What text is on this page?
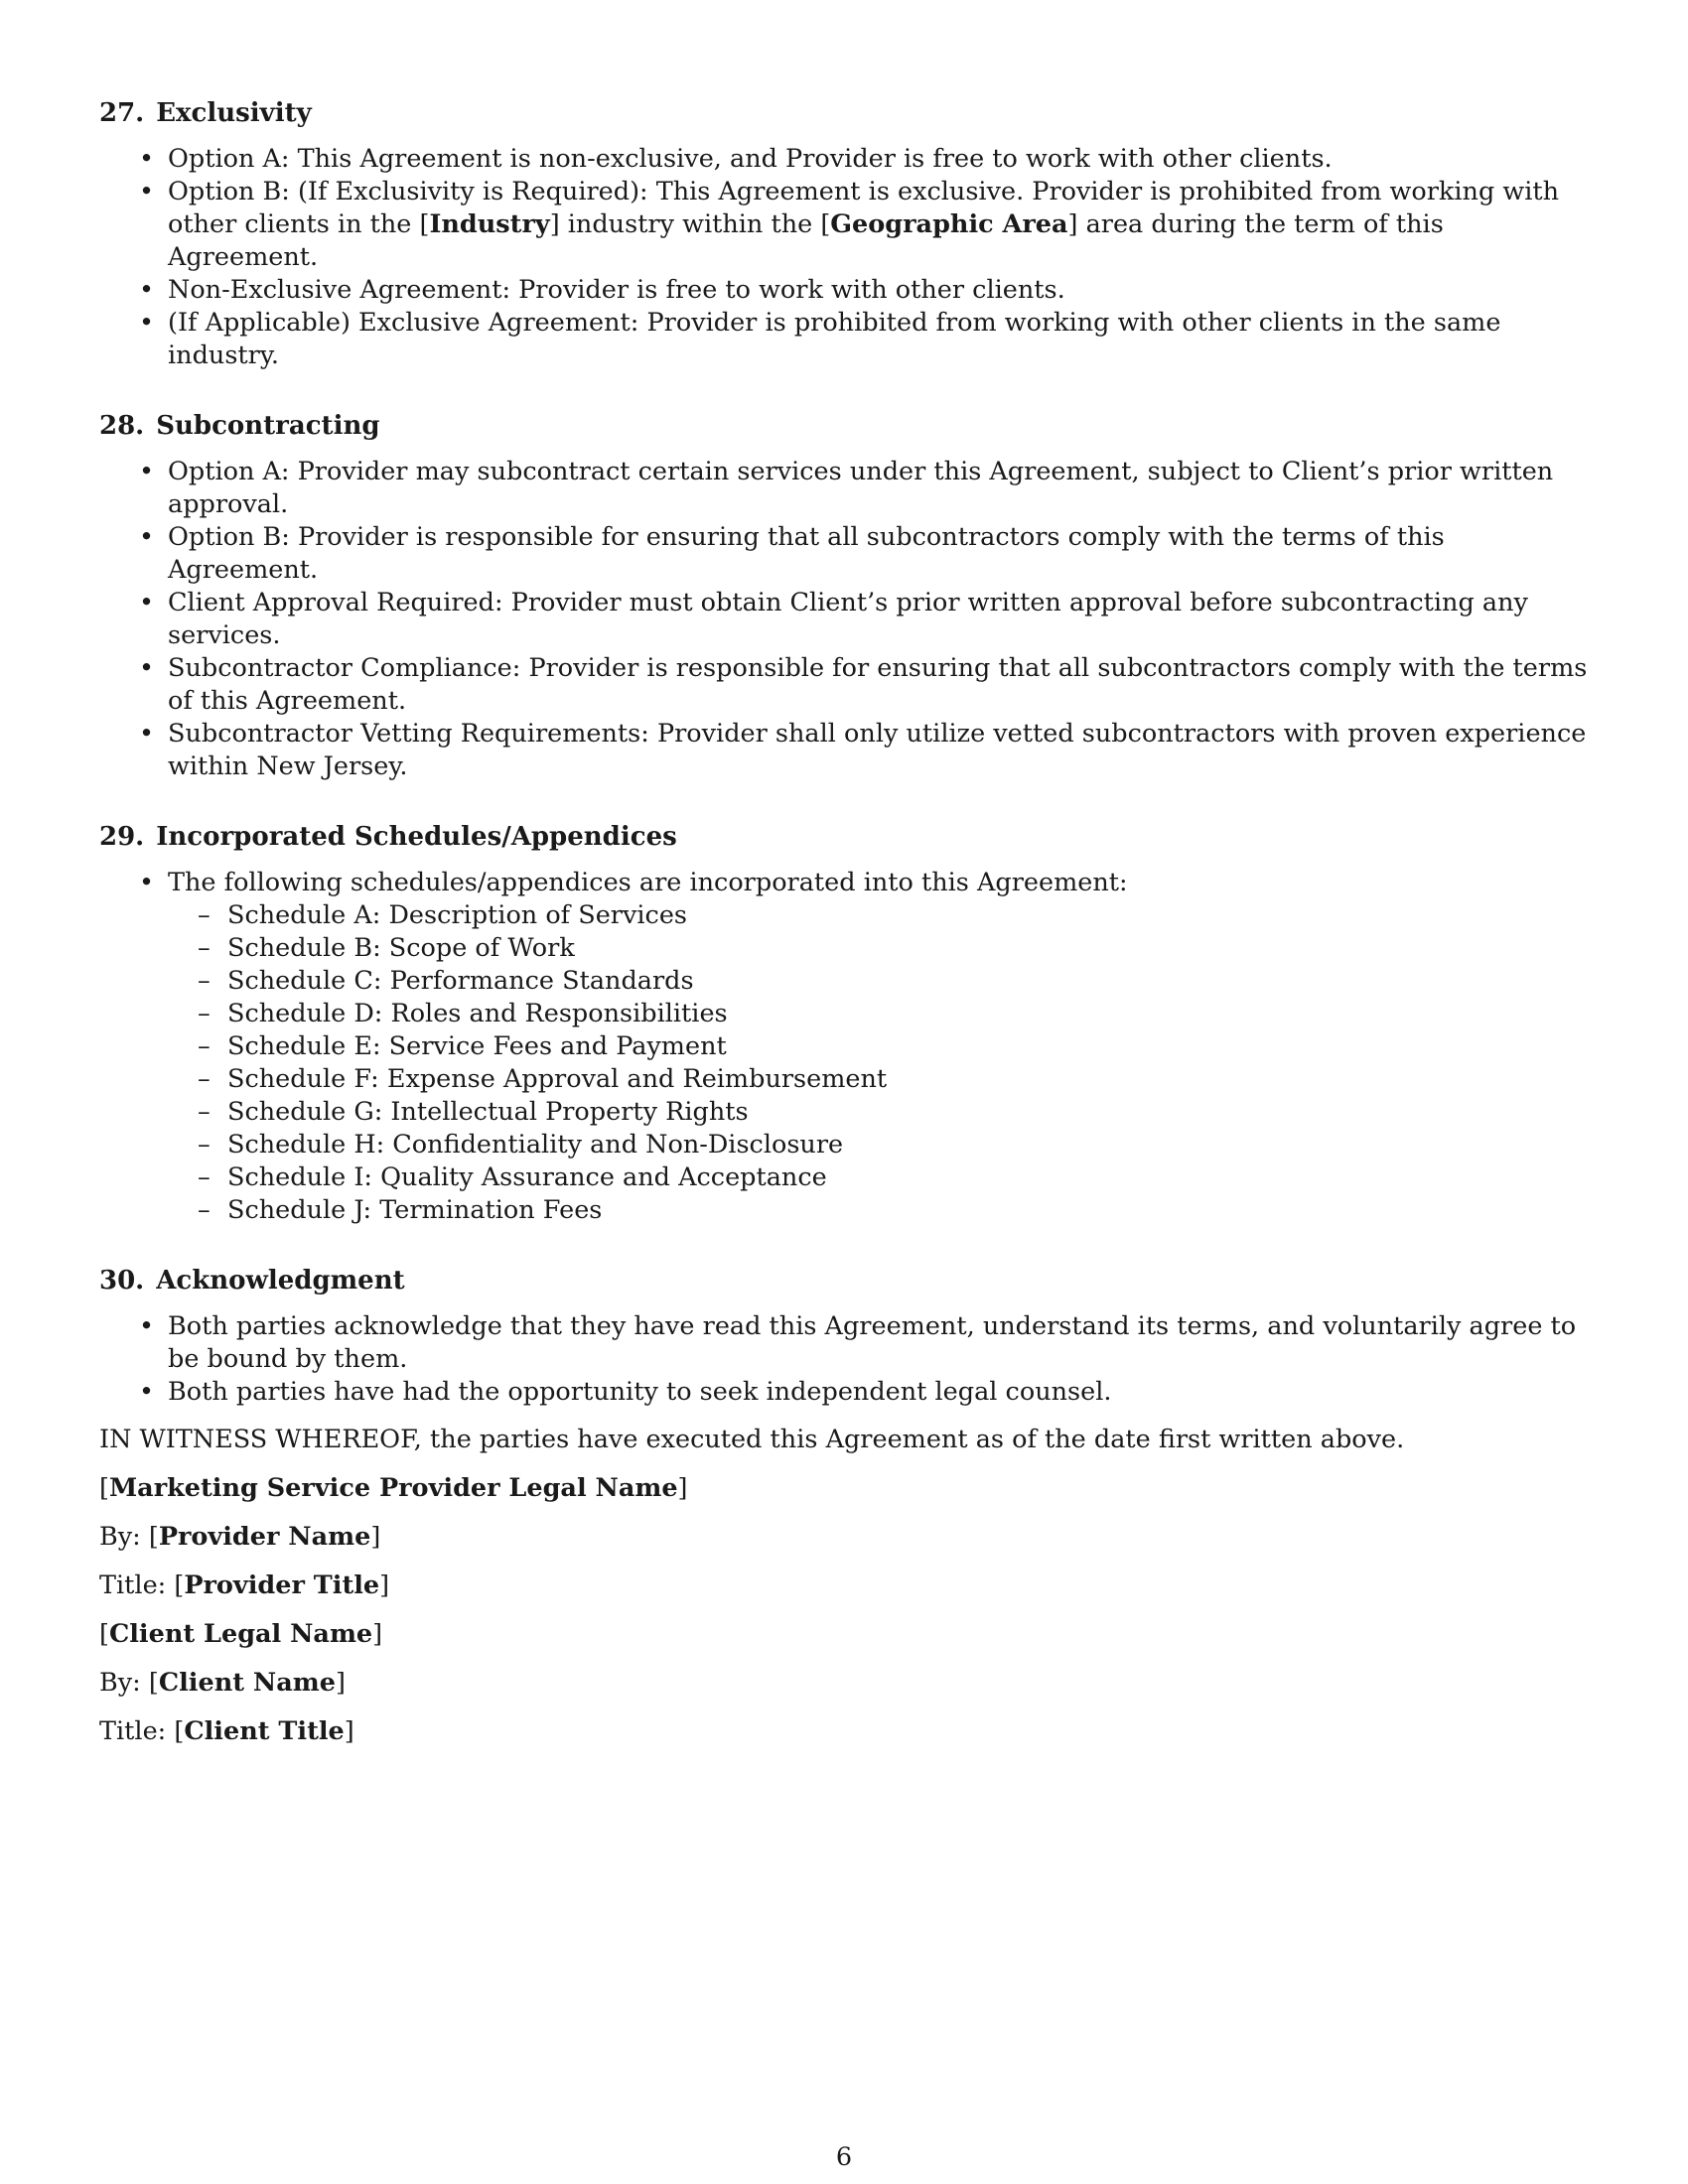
27. Exclusivity
• Option A: This Agreement is non-exclusive, and Provider is free to work with other clients.
• Option B: (If Exclusivity is Required): This Agreement is exclusive. Provider is prohibited from working with other clients in the [Industry] industry within the [Geographic Area] area during the term of this Agreement.
• Non-Exclusive Agreement: Provider is free to work with other clients.
• (If Applicable) Exclusive Agreement: Provider is prohibited from working with other clients in the same industry.
28. Subcontracting
• Option A: Provider may subcontract certain services under this Agreement, subject to Client’s prior written approval.
• Option B: Provider is responsible for ensuring that all subcontractors comply with the terms of this Agreement.
• Client Approval Required: Provider must obtain Client’s prior written approval before subcontracting any services.
• Subcontractor Compliance: Provider is responsible for ensuring that all subcontractors comply with the terms of this Agreement.
• Subcontractor Vetting Requirements: Provider shall only utilize vetted subcontractors with proven experience within New Jersey.
29. Incorporated Schedules/Appendices
• The following schedules/appendices are incorporated into this Agreement:
– Schedule A: Description of Services
– Schedule B: Scope of Work
– Schedule C: Performance Standards
– Schedule D: Roles and Responsibilities
– Schedule E: Service Fees and Payment
– Schedule F: Expense Approval and Reimbursement
– Schedule G: Intellectual Property Rights
– Schedule H: Confidentiality and Non-Disclosure
– Schedule I: Quality Assurance and Acceptance
– Schedule J: Termination Fees
30. Acknowledgment
• Both parties acknowledge that they have read this Agreement, understand its terms, and voluntarily agree to be bound by them.
• Both parties have had the opportunity to seek independent legal counsel.

IN WITNESS WHEREOF, the parties have executed this Agreement as of the date first written above.

[Marketing Service Provider Legal Name]

By: [Provider Name]

Title: [Provider Title]

[Client Legal Name]

By: [Client Name]

Title: [Client Title]

6
